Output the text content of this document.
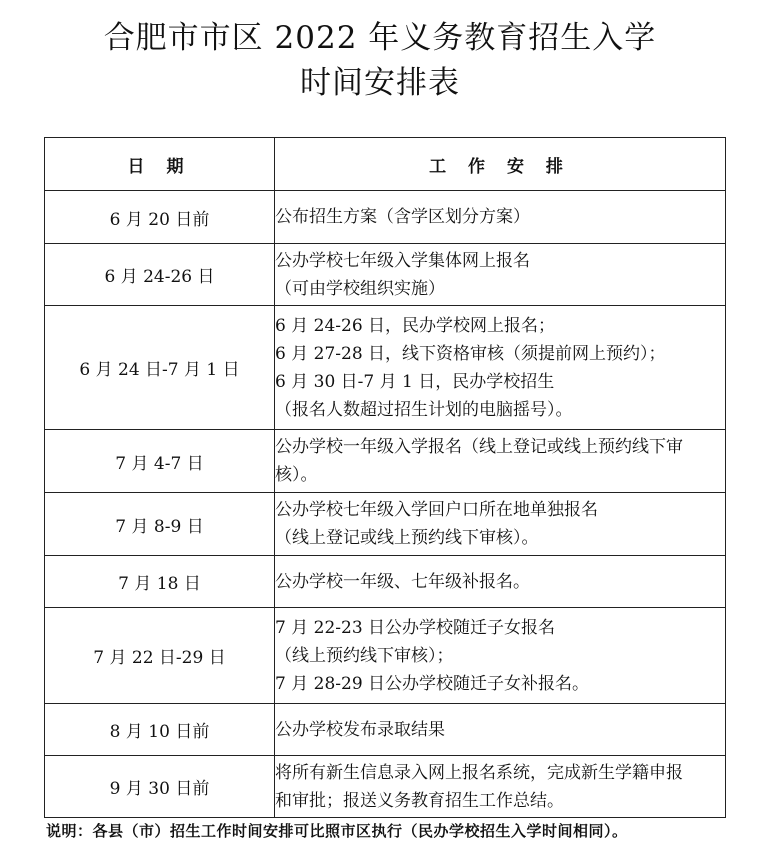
合肥市市区 2022 年义务教育招生入学
时间安排表
日 期	工 作 安 排
6 月 20 日前	公布招生方案（含学区划分方案）

6 月 24-26 日	公办学校七年级入学集体网上报名
（可由学校组织实施）

6 月 24 日-7 月 1 日	6 月 24-26 日，民办学校网上报名；
6 月 27-28 日，线下资格审核（须提前网上预约）；
6 月 30 日-7 月 1 日，民办学校招生
（报名人数超过招生计划的电脑摇号）。

7 月 4-7 日	公办学校一年级入学报名（线上登记或线上预约线下审
核）。

7 月 8-9 日	公办学校七年级入学回户口所在地单独报名
（线上登记或线上预约线下审核）。

7 月 18 日	公办学校一年级、七年级补报名。

7 月 22 日-29 日	7 月 22-23 日公办学校随迁子女报名
（线上预约线下审核）；
7 月 28-29 日公办学校随迁子女补报名。

8 月 10 日前	公办学校发布录取结果

9 月 30 日前	将所有新生信息录入网上报名系统，完成新生学籍申报
和审批；报送义务教育招生工作总结。
说明：各县（市）招生工作时间安排可比照市区执行（民办学校招生入学时间相同）。
